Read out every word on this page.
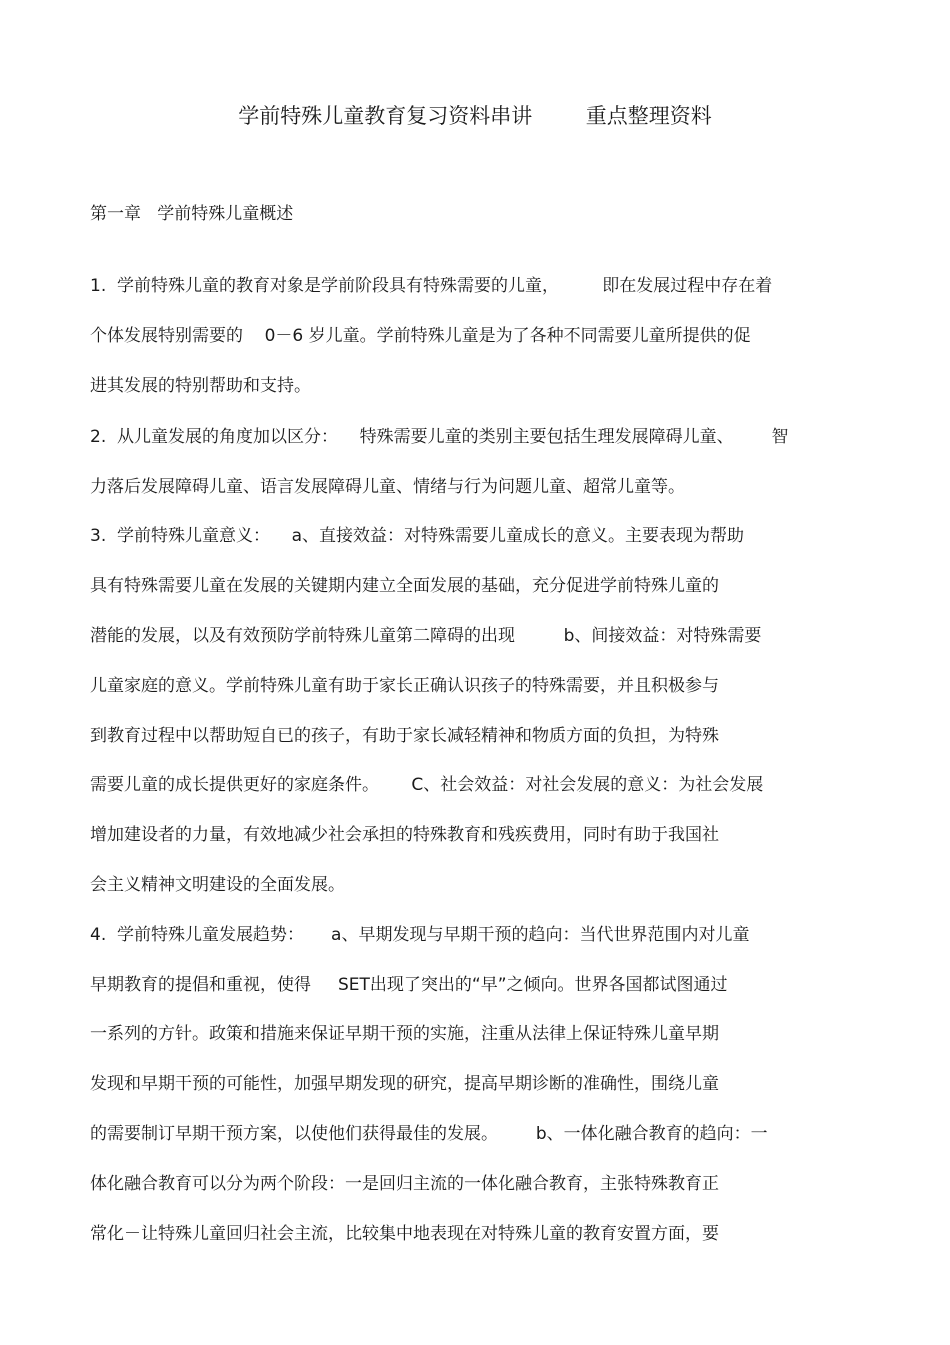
学前特殊儿童教育复习资料串讲        重点整理资料
第一章   学前特殊儿童概述
1.  学前特殊儿童的教育对象是学前阶段具有特殊需要的儿童，        即在发展过程中存在着
个体发展特别需要的    0－6 岁儿童。学前特殊儿童是为了各种不同需要儿童所提供的促
进其发展的特别帮助和支持。
2.  从儿童发展的角度加以区分：    特殊需要儿童的类别主要包括生理发展障碍儿童、       智
力落后发展障碍儿童、语言发展障碍儿童、情绪与行为问题儿童、超常儿童等。
3.  学前特殊儿童意义：    a、直接效益：对特殊需要儿童成长的意义。主要表现为帮助
具有特殊需要儿童在发展的关键期内建立全面发展的基础，充分促进学前特殊儿童的
潜能的发展，以及有效预防学前特殊儿童第二障碍的出现         b、间接效益：对特殊需要
儿童家庭的意义。学前特殊儿童有助于家长正确认识孩子的特殊需要，并且积极参与
到教育过程中以帮助短自已的孩子，有助于家长减轻精神和物质方面的负担，为特殊
需要儿童的成长提供更好的家庭条件。      C、社会效益：对社会发展的意义：为社会发展
增加建设者的力量，有效地减少社会承担的特殊教育和残疾费用，同时有助于我国社
会主义精神文明建设的全面发展。
4.  学前特殊儿童发展趋势：     a、早期发现与早期干预的趋向：当代世界范围内对儿童
早期教育的提倡和重视，使得     SET出现了突出的“早”之倾向。世界各国都试图通过
一系列的方针。政策和措施来保证早期干预的实施，注重从法律上保证特殊儿童早期
发现和早期干预的可能性，加强早期发现的研究，提高早期诊断的准确性，围绕儿童
的需要制订早期干预方案，以使他们获得最佳的发展。       b、一体化融合教育的趋向：一
体化融合教育可以分为两个阶段：一是回归主流的一体化融合教育，主张特殊教育正
常化－让特殊儿童回归社会主流，比较集中地表现在对特殊儿童的教育安置方面，要
